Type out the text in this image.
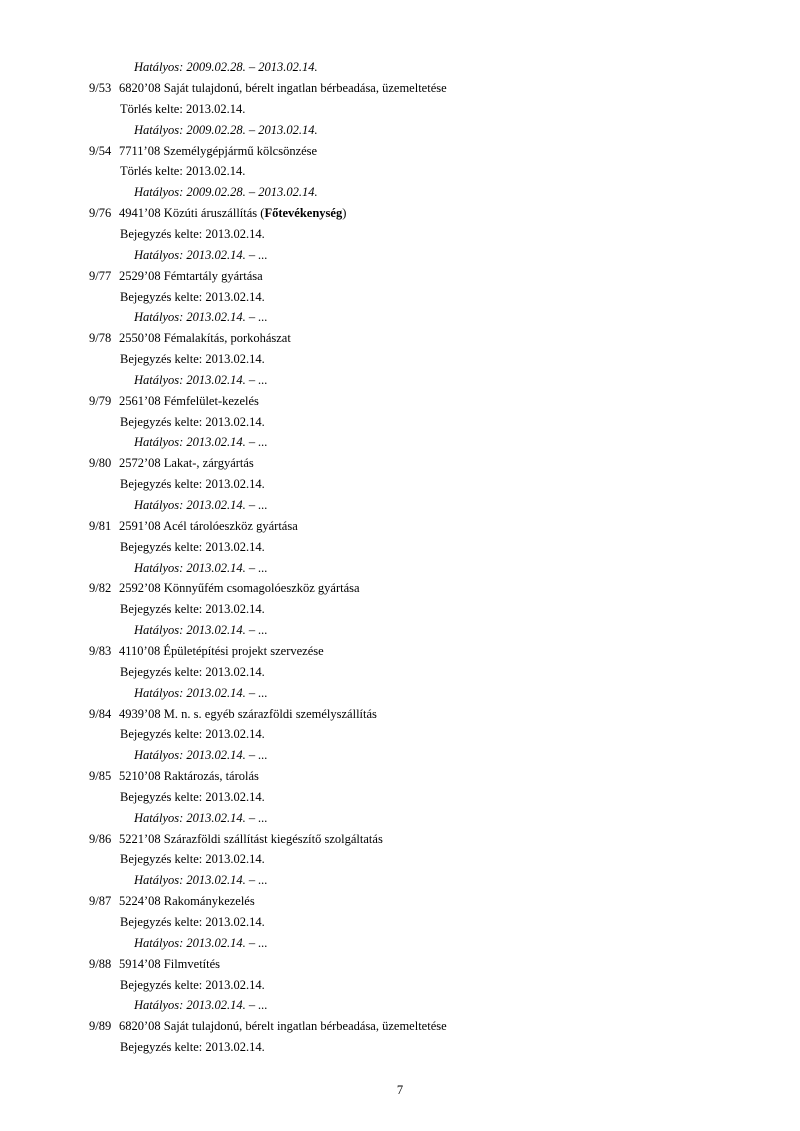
Hatályos: 2009.02.28. – 2013.02.14.
9/53 6820’08 Saját tulajdonú, bérelt ingatlan bérbeadása, üzemeltetése
Törlés kelte: 2013.02.14.
Hatályos: 2009.02.28. – 2013.02.14.
9/54 7711’08 Személygépjármű kölcsönzése
Törlés kelte: 2013.02.14.
Hatályos: 2009.02.28. – 2013.02.14.
9/76 4941’08 Közúti áruszállítás (Főtevékenység)
Bejegyzés kelte: 2013.02.14.
Hatályos: 2013.02.14. – ...
9/77 2529’08 Fémtartály gyártása
Bejegyzés kelte: 2013.02.14.
Hatályos: 2013.02.14. – ...
9/78 2550’08 Fémalakítás, porkohászat
Bejegyzés kelte: 2013.02.14.
Hatályos: 2013.02.14. – ...
9/79 2561’08 Fémfelület-kezelés
Bejegyzés kelte: 2013.02.14.
Hatályos: 2013.02.14. – ...
9/80 2572’08 Lakat-, zárgyártás
Bejegyzés kelte: 2013.02.14.
Hatályos: 2013.02.14. – ...
9/81 2591’08 Acél tárolóeszköz gyártása
Bejegyzés kelte: 2013.02.14.
Hatályos: 2013.02.14. – ...
9/82 2592’08 Könnyűfém csomagolóeszköz gyártása
Bejegyzés kelte: 2013.02.14.
Hatályos: 2013.02.14. – ...
9/83 4110’08 Épületépítési projekt szervezése
Bejegyzés kelte: 2013.02.14.
Hatályos: 2013.02.14. – ...
9/84 4939’08 M. n. s. egyéb szárazföldi személyszállítás
Bejegyzés kelte: 2013.02.14.
Hatályos: 2013.02.14. – ...
9/85 5210’08 Raktározás, tárolás
Bejegyzés kelte: 2013.02.14.
Hatályos: 2013.02.14. – ...
9/86 5221’08 Szárazföldi szállítást kiegészítő szolgáltatás
Bejegyzés kelte: 2013.02.14.
Hatályos: 2013.02.14. – ...
9/87 5224’08 Rakománykezelés
Bejegyzés kelte: 2013.02.14.
Hatályos: 2013.02.14. – ...
9/88 5914’08 Filmvetítés
Bejegyzés kelte: 2013.02.14.
Hatályos: 2013.02.14. – ...
9/89 6820’08 Saját tulajdonú, bérelt ingatlan bérbeadása, üzemeltetése
Bejegyzés kelte: 2013.02.14.
7
